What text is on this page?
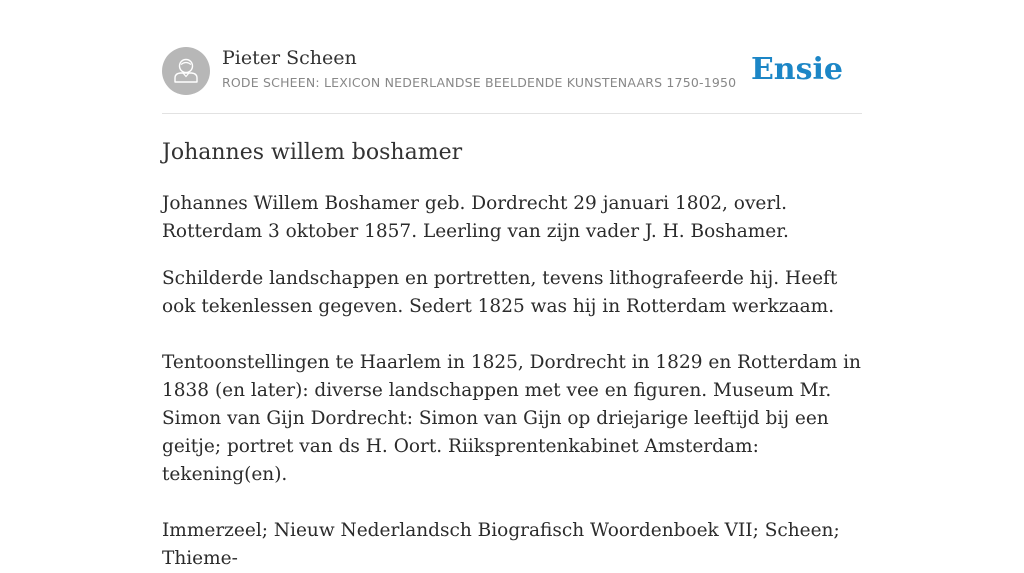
Pieter Scheen
RODE SCHEEN: LEXICON NEDERLANDSE BEELDENDE KUNSTENAARS 1750-1950 Ensie
Johannes willem boshamer

Johannes Willem Boshamer geb. Dordrecht 29 januari 1802, overl. Rotterdam 3 oktober 1857. Leerling van zijn vader J. H. Boshamer.

Schilderde landschappen en portretten, tevens lithografeerde hij. Heeft ook tekenlessen gegeven. Sedert 1825 was hij in Rotterdam werkzaam.

Tentoonstellingen te Haarlem in 1825, Dordrecht in 1829 en Rotterdam in 1838 (en later): diverse landschappen met vee en figuren. Museum Mr. Simon van Gijn Dordrecht: Simon van Gijn op driejarige leeftijd bij een geitje; portret van ds H. Oort. Riiksprentenkabinet Amsterdam: tekening(en).

Immerzeel; Nieuw Nederlandsch Biografisch Woordenboek VII; Scheen; Thieme-
